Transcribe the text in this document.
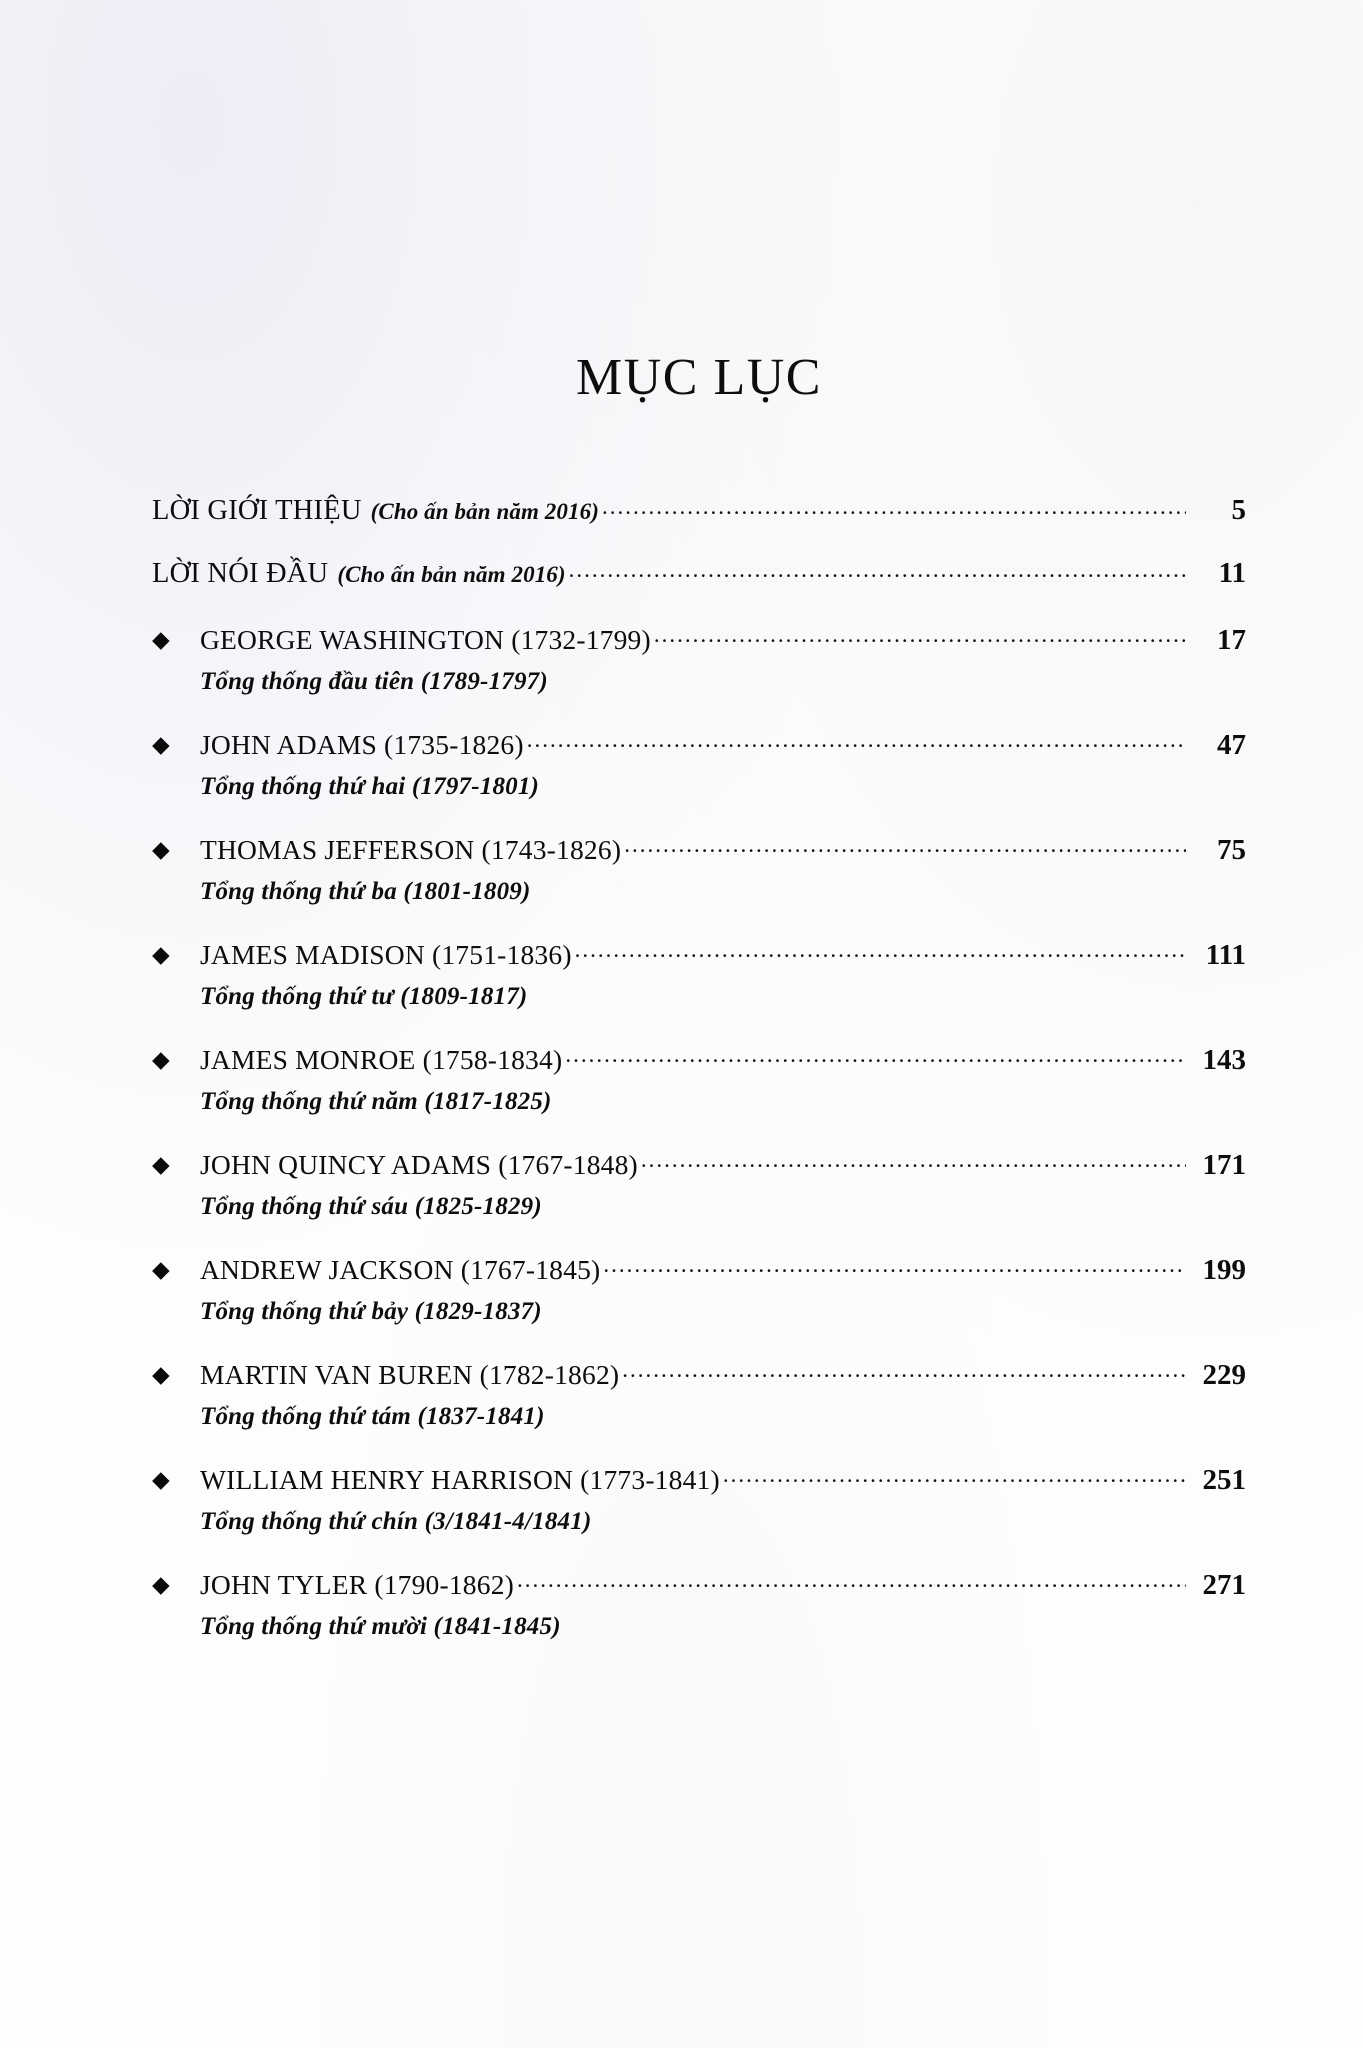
MỤC LỤC
LỜI GIỚI THIỆU (Cho ấn bản năm 2016) .....	5
LỜI NÓI ĐẦU (Cho ấn bản năm 2016) .....	11
◆	GEORGE WASHINGTON (1732-1799) .....	17
Tổng thống đầu tiên (1789-1797)
◆	JOHN ADAMS (1735-1826) .....	47
Tổng thống thứ hai (1797-1801)
◆	THOMAS JEFFERSON (1743-1826) .....	75
Tổng thống thứ ba (1801-1809)
◆	JAMES MADISON (1751-1836) .....	111
Tổng thống thứ tư (1809-1817)
◆	JAMES MONROE (1758-1834) .....	143
Tổng thống thứ năm (1817-1825)
◆	JOHN QUINCY ADAMS (1767-1848) .....	171
Tổng thống thứ sáu (1825-1829)
◆	ANDREW JACKSON (1767-1845) .....	199
Tổng thống thứ bảy (1829-1837)
◆	MARTIN VAN BUREN (1782-1862) .....	229
Tổng thống thứ tám (1837-1841)
◆	WILLIAM HENRY HARRISON (1773-1841) .....	251
Tổng thống thứ chín (3/1841-4/1841)
◆	JOHN TYLER (1790-1862) .....	271
Tổng thống thứ mười (1841-1845)
